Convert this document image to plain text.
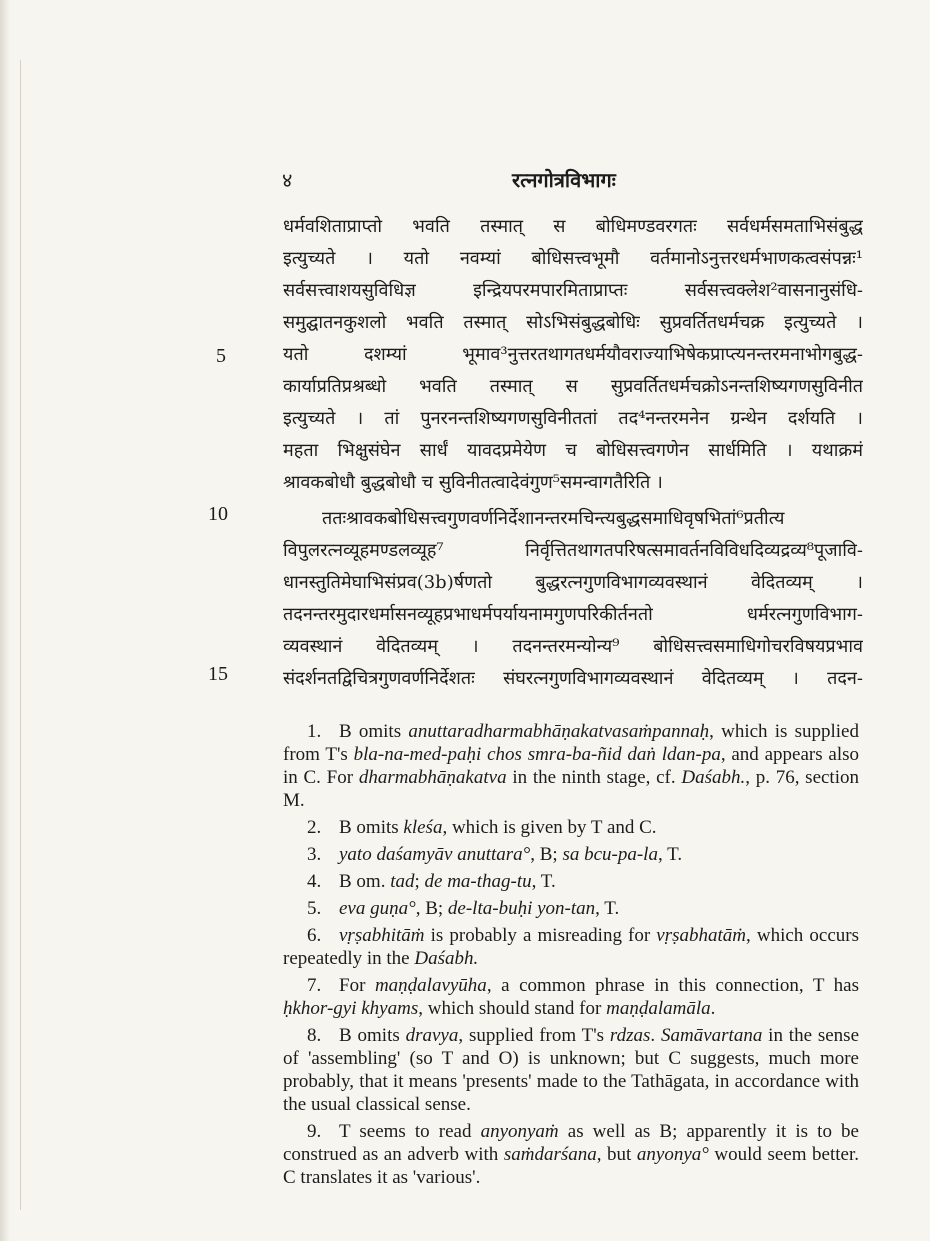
४	रत्नगोत्रविभागः
5
10
15
धर्मवशिताप्राप्तो भवति तस्मात् स बोधिमण्डवरगतः सर्वधर्मसमताभिसंबुद्ध
इत्युच्यते । यतो नवम्यां बोधिसत्त्वभूमौ वर्तमानोऽनुत्तरधर्मभाणकत्वसंपन्नः¹
सर्वसत्त्वाशयसुविधिज्ञ इन्द्रियपरमपारमिताप्राप्तः सर्वसत्त्वक्लेश²वासनानुसंधि-
समुद्घातनकुशलो भवति तस्मात् सोऽभिसंबुद्धबोधिः सुप्रवर्तितधर्मचक्र इत्युच्यते ।
यतो दशम्यां भूमाव³नुत्तरतथागतधर्मयौवराज्याभिषेकप्राप्त्यनन्तरमनाभोगबुद्ध-
कार्याप्रतिप्रश्रब्धो भवति तस्मात् स सुप्रवर्तितधर्मचक्रोऽनन्तशिष्यगणसुविनीत
इत्युच्यते । तां पुनरनन्तशिष्यगणसुविनीततां तद⁴नन्तरमनेन ग्रन्थेन दर्शयति ।
महता भिक्षुसंघेन सार्धं यावदप्रमेयेण च बोधिसत्त्वगणेन सार्धमिति । यथाक्रमं
श्रावकबोधौ बुद्धबोधौ च सुविनीतत्वादेवंगुण⁵समन्वागतैरिति ।
ततःश्रावकबोधिसत्त्वगुणवर्णनिर्देशानन्तरमचिन्त्यबुद्धसमाधिवृषभितां⁶प्रतीत्य
विपुलरत्नव्यूहमण्डलव्यूह⁷ निर्वृत्तितथागतपरिषत्समावर्तनविविधदिव्यद्रव्य⁸पूजावि-
धानस्तुतिमेघाभिसंप्रव(3b)र्षणतो बुद्धरत्नगुणविभागव्यवस्थानं वेदितव्यम् ।
तदनन्तरमुदारधर्मासनव्यूहप्रभाधर्मपर्यायनामगुणपरिकीर्तनतो धर्मरत्नगुणविभाग-
व्यवस्थानं वेदितव्यम् । तदनन्तरमन्योन्य⁹ बोधिसत्त्वसमाधिगोचरविषयप्रभाव
संदर्शनतद्विचित्रगुणवर्णनिर्देशतः संघरत्नगुणविभागव्यवस्थानं वेदितव्यम् । तदन-
1. B omits anuttaradharmabhāṇakatvasaṁpannaḥ, which is supplied from T's bla-na-med-paḥi chos smra-ba-ñid daṅ ldan-pa, and appears also in C. For dharmabhāṇakatva in the ninth stage, cf. Daśabh., p. 76, section M.
2. B omits kleśa, which is given by T and C.
3. yato daśamyāv anuttara°, B; sa bcu-pa-la, T.
4. B om. tad; de ma-thag-tu, T.
5. eva guṇa°, B; de-lta-buḥi yon-tan, T.
6. vṛṣabhitāṁ is probably a misreading for vṛṣabhatāṁ, which occurs repeatedly in the Daśabh.
7. For maṇḍalavyūha, a common phrase in this connection, T has ḥkhor-gyi khyams, which should stand for maṇḍalamāla.
8. B omits dravya, supplied from T's rdzas. Samāvartana in the sense of 'assembling' (so T and O) is unknown; but C suggests, much more probably, that it means 'presents' made to the Tathāgata, in accordance with the usual classical sense.
9. T seems to read anyonyaṁ as well as B; apparently it is to be construed as an adverb with saṁdarśana, but anyonya° would seem better. C translates it as 'various'.
